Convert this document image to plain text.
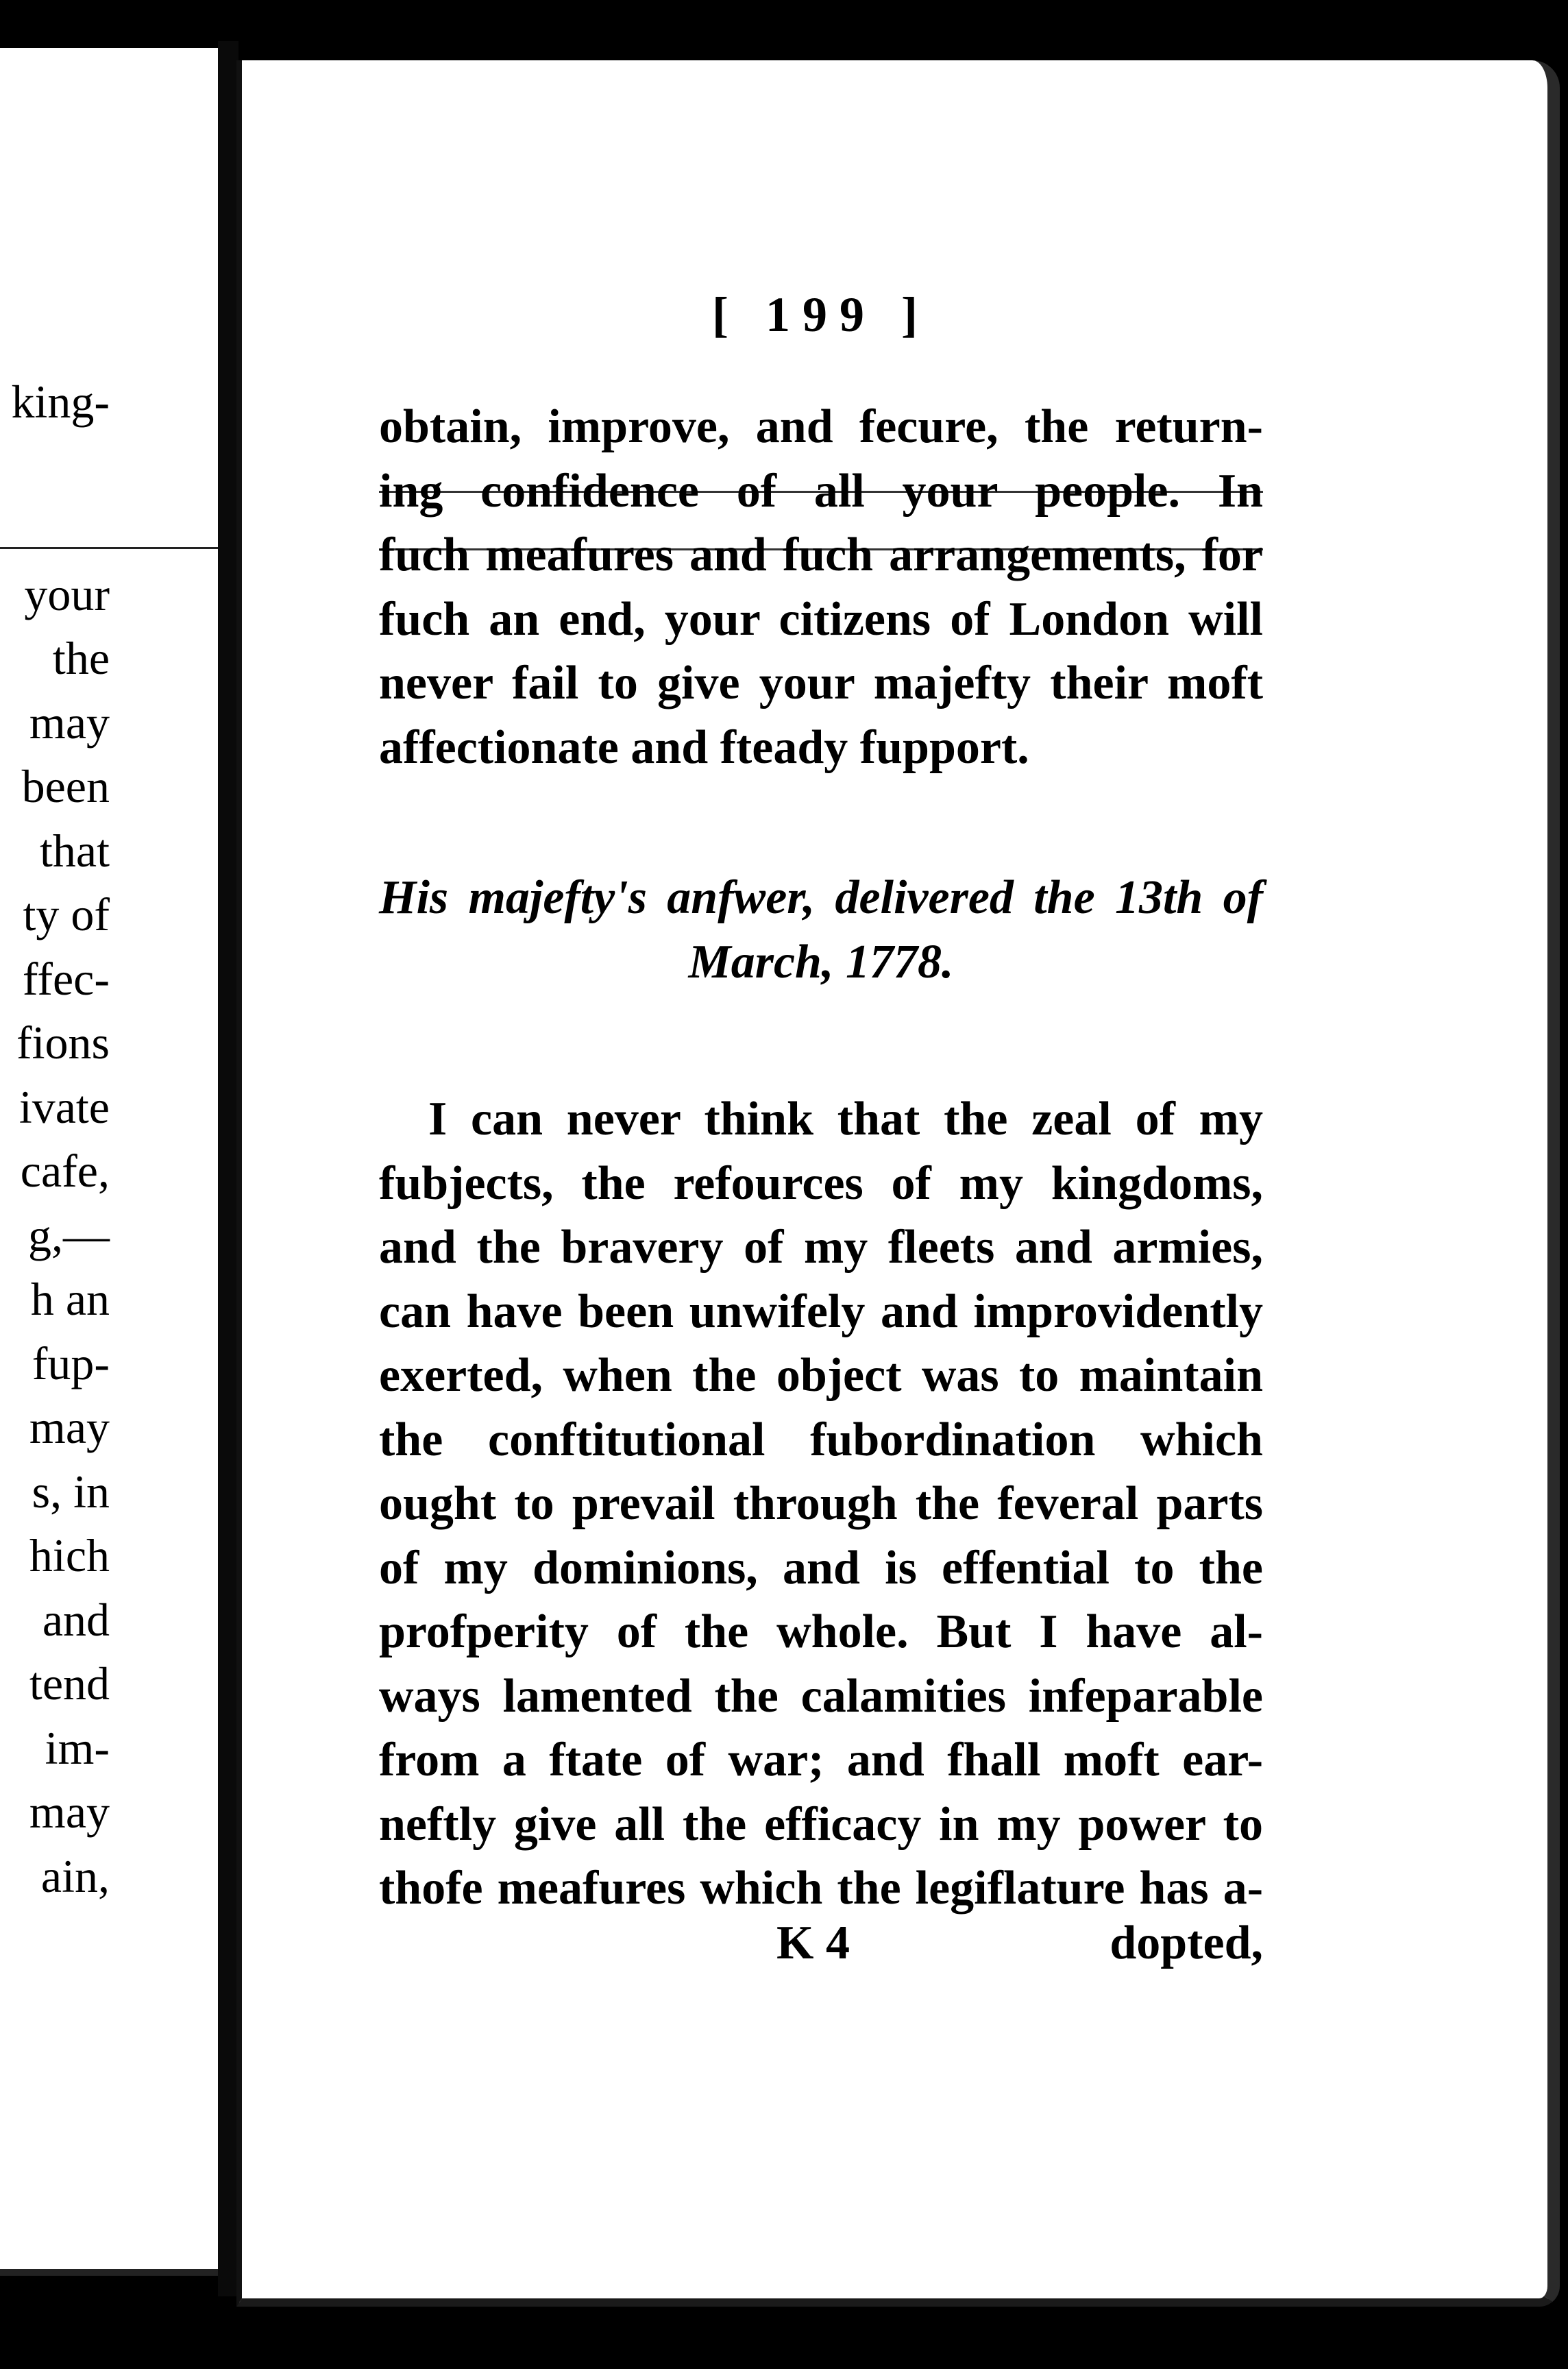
king-
your
the
may
been
that
ty of
ffec-
fions
ivate
cafe,
g,—
h an
fup-
may
s, in
hich
and
tend
im-
may
ain,
[ 199 ]
obtain, improve, and fecure, the return-
ing confidence of all your people. In
fuch meafures and fuch arrangements, for
fuch an end, your citizens of London will
never fail to give your majefty their moft
affectionate and fteady fupport.
His majefty's anfwer, delivered the 13th of
March, 1778.
I can never think that the zeal of my
fubjects, the refources of my kingdoms,
and the bravery of my fleets and armies,
can have been unwifely and improvidently
exerted, when the object was to maintain
the conftitutional fubordination which
ought to prevail through the feveral parts
of my dominions, and is effential to the
profperity of the whole. But I have al-
ways lamented the calamities infeparable
from a ftate of war; and fhall moft ear-
neftly give all the efficacy in my power to
thofe meafures which the legiflature has a-
K 4	dopted,
